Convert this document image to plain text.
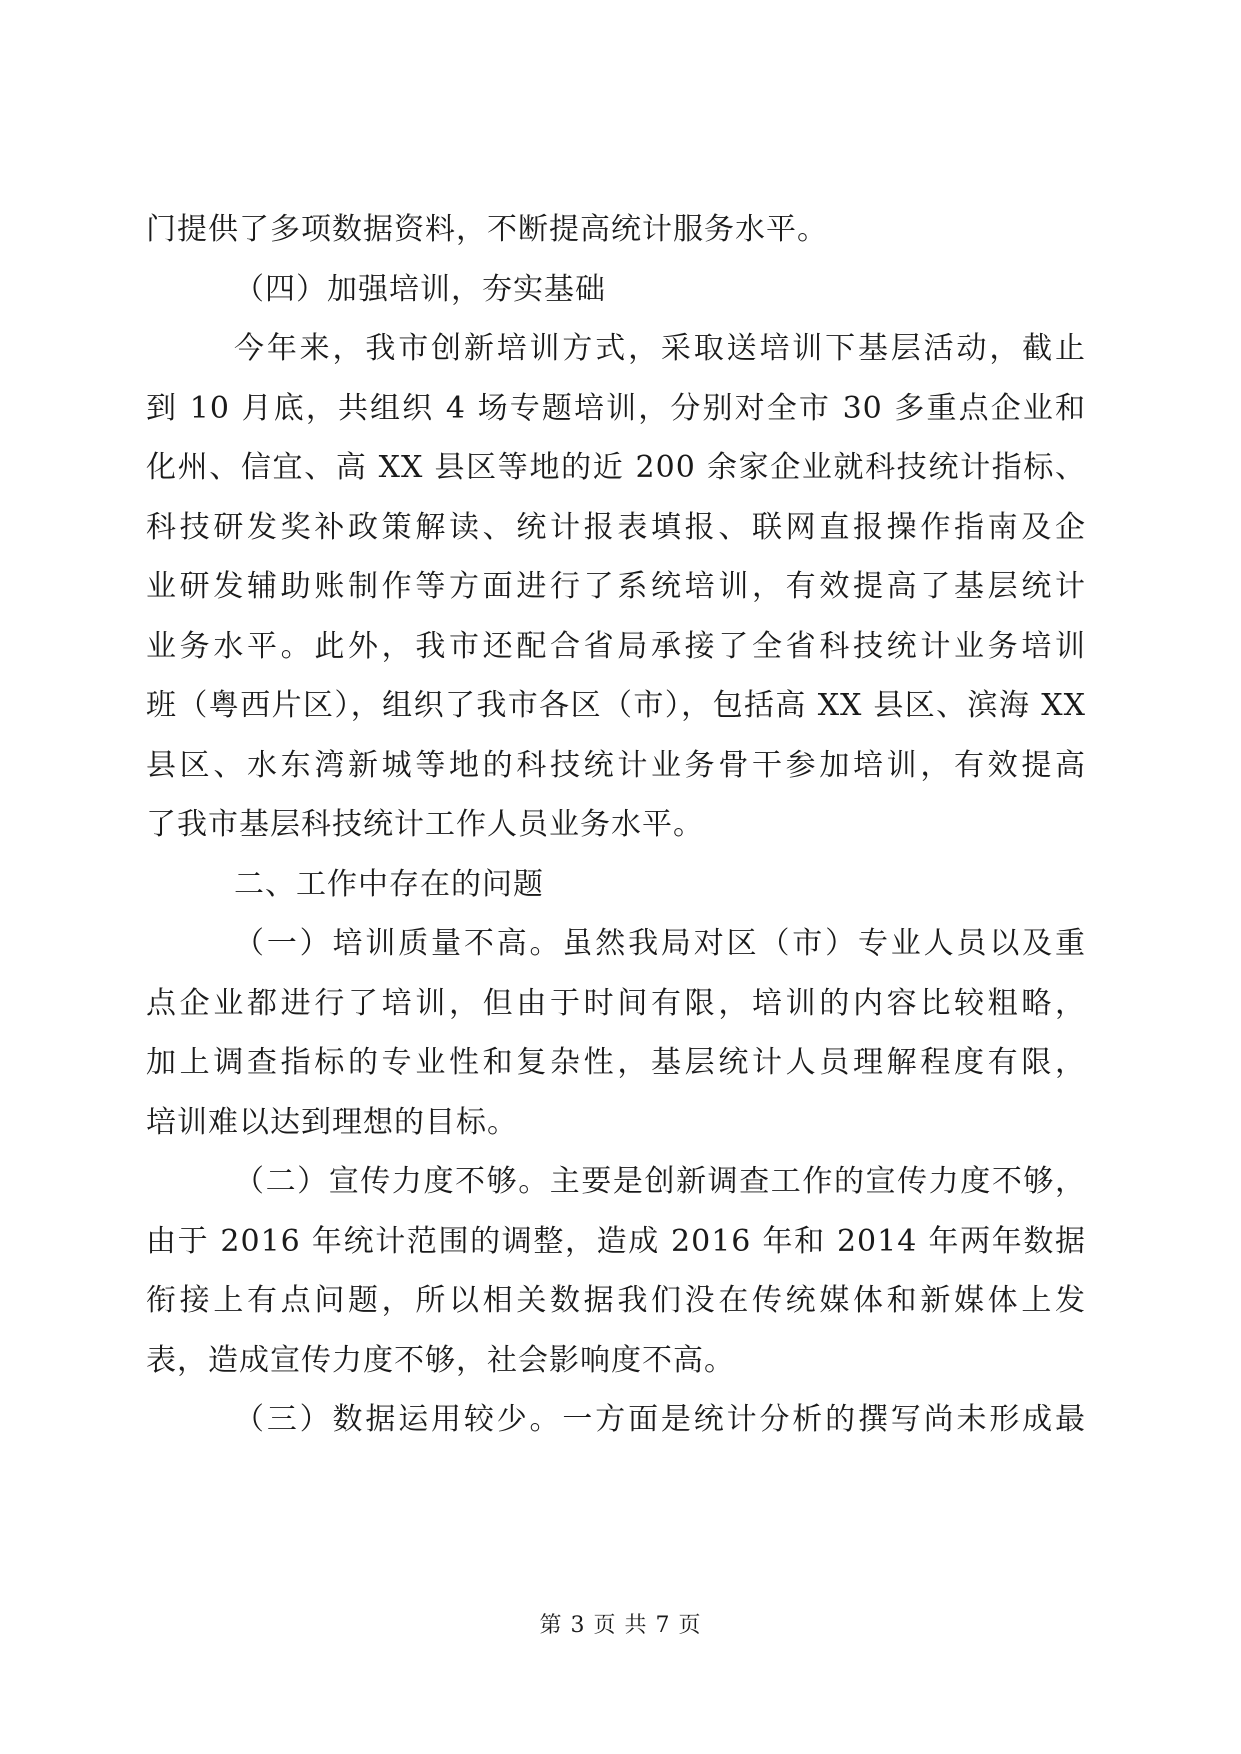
门提供了多项数据资料，不断提高统计服务水平。
（四）加强培训，夯实基础
今年来，我市创新培训方式，采取送培训下基层活动，截止
到 10 月底，共组织 4 场专题培训，分别对全市 30 多重点企业和
化州、信宜、高 XX 县区等地的近 200 余家企业就科技统计指标、
科技研发奖补政策解读、统计报表填报、联网直报操作指南及企
业研发辅助账制作等方面进行了系统培训，有效提高了基层统计
业务水平。此外，我市还配合省局承接了全省科技统计业务培训
班（粤西片区），组织了我市各区（市），包括高 XX 县区、滨海 XX
县区、水东湾新城等地的科技统计业务骨干参加培训，有效提高
了我市基层科技统计工作人员业务水平。
二、工作中存在的问题
（一）培训质量不高。虽然我局对区（市）专业人员以及重
点企业都进行了培训，但由于时间有限，培训的内容比较粗略，
加上调查指标的专业性和复杂性，基层统计人员理解程度有限，
培训难以达到理想的目标。
（二）宣传力度不够。主要是创新调查工作的宣传力度不够，
由于 2016 年统计范围的调整，造成 2016 年和 2014 年两年数据
衔接上有点问题，所以相关数据我们没在传统媒体和新媒体上发
表，造成宣传力度不够，社会影响度不高。
（三）数据运用较少。一方面是统计分析的撰写尚未形成最
第 3 页 共 7 页
